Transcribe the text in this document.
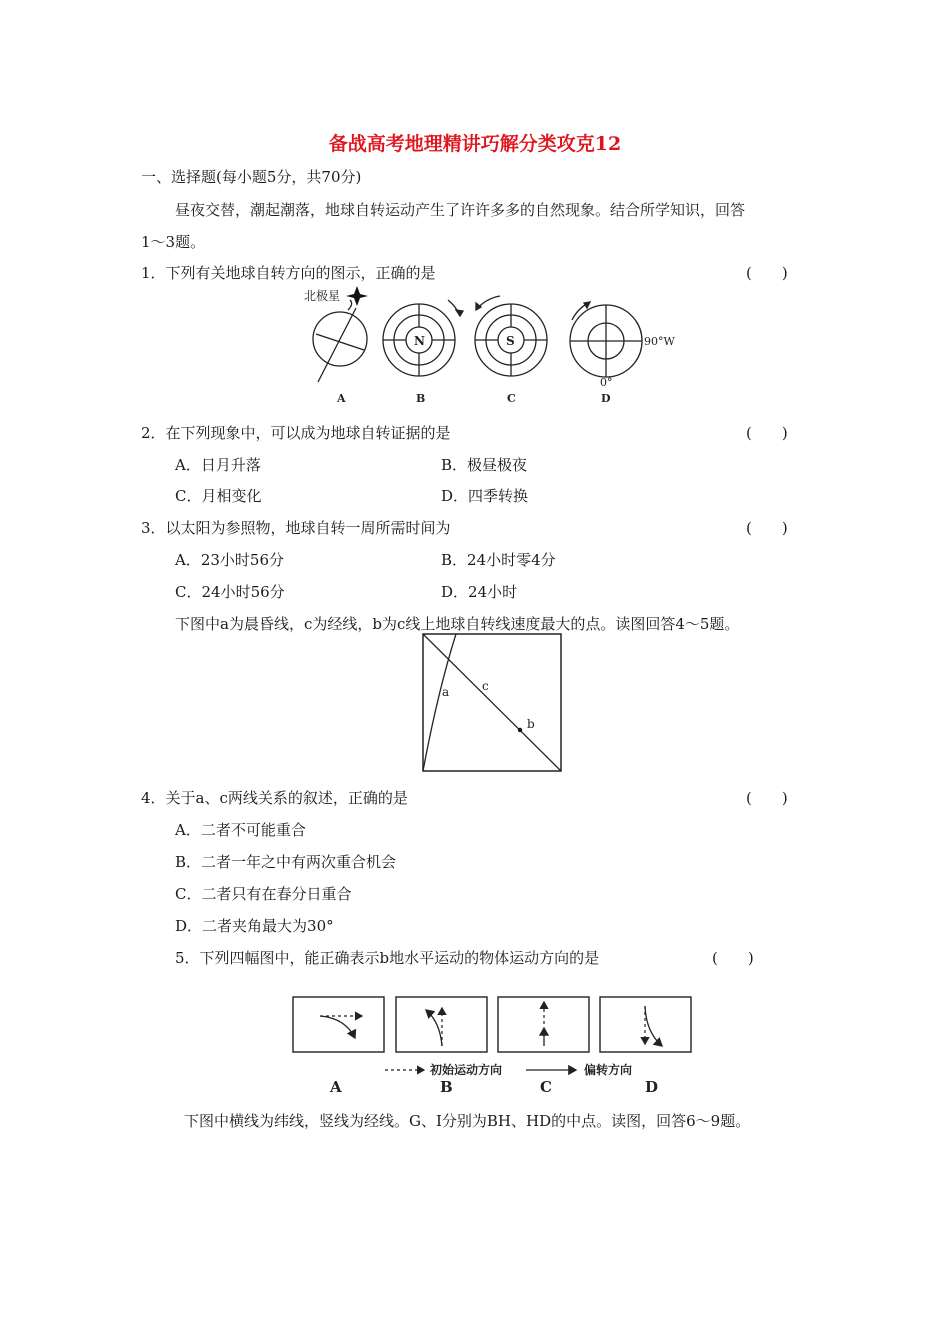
备战高考地理精讲巧解分类攻克12
一、选择题(每小题5分，共70分)
昼夜交替，潮起潮落，地球自转运动产生了许许多多的自然现象。结合所学知识，回答
1～3题。
1．下列有关地球自转方向的图示，正确的是	(　　)
北极星
N	S	90°W
0°
A	B	C	D
2．在下列现象中，可以成为地球自转证据的是	(　　)
A．日月升落	B．极昼极夜
C．月相变化	D．四季转换
3．以太阳为参照物，地球自转一周所需时间为	(　　)
A．23小时56分	B．24小时零4分
C．24小时56分	D．24小时
下图中a为晨昏线，c为经线，b为c线上地球自转线速度最大的点。读图回答4～5题。
a	c
b
4．关于a、c两线关系的叙述，正确的是	(　　)
A．二者不可能重合
B．二者一年之中有两次重合机会
C．二者只有在春分日重合
D．二者夹角最大为30°
5．下列四幅图中，能正确表示b地水平运动的物体运动方向的是	(　　)
初始运动方向	偏转方向
A	B	C	D
下图中横线为纬线，竖线为经线。G、I分别为BH、HD的中点。读图，回答6～9题。
